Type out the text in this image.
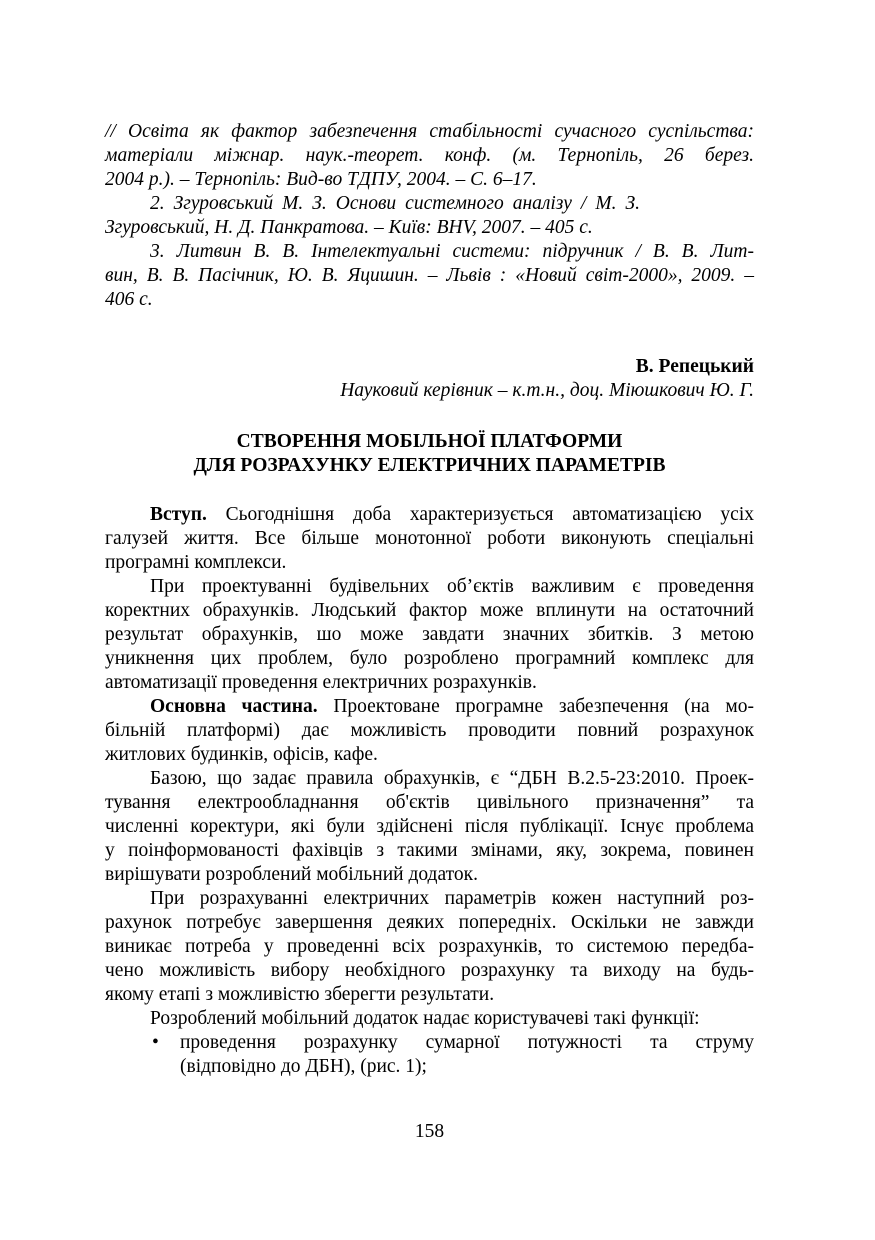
// Освіта як фактор забезпечення стабільності сучасного суспільства:
матеріали міжнар. наук.-теорет. конф. (м. Тернопіль, 26 берез.
2004 р.). – Тернопіль: Вид-во ТДПУ, 2004. – С. 6–17.
2. Згуровський М. З. Основи системного аналізу / М. З.
Згуровський, Н. Д. Панкратова. – Київ: BHV, 2007. – 405 с.
3. Литвин В. В. Інтелектуальні системи: підручник / В. В. Лит-
вин, В. В. Пасічник, Ю. В. Яцишин. – Львів : «Новий світ-2000», 2009. –
406 с.
В. Репецький
Науковий керівник – к.т.н., доц. Міюшкович Ю. Г.
СТВОРЕННЯ МОБІЛЬНОЇ ПЛАТФОРМИ
ДЛЯ РОЗРАХУНКУ ЕЛЕКТРИЧНИХ ПАРАМЕТРІВ
Вступ. Сьогоднішня доба характеризується автоматизацією усіх
галузей життя. Все більше монотонної роботи виконують спеціальні
програмні комплекси.
При проектуванні будівельних об’єктів важливим є проведення
коректних обрахунків. Людський фактор може вплинути на остаточний
результат обрахунків, шо може завдати значних збитків. З метою
уникнення цих проблем, було розроблено програмний комплекс для
автоматизації проведення електричних розрахунків.
Основна частина. Проектоване програмне забезпечення (на мо-
більній платформі) дає можливість проводити повний розрахунок
житлових будинків, офісів, кафе.
Базою, що задає правила обрахунків, є “ДБН В.2.5-23:2010. Проек-
тування електрообладнання об'єктів цивільного призначення” та
численні коректури, які були здійснені після публікації. Існує проблема
у поінформованості фахівців з такими змінами, яку, зокрема, повинен
вирішувати розроблений мобільний додаток.
При розрахуванні електричних параметрів кожен наступний роз-
рахунок потребує завершення деяких попередніх. Оскільки не завжди
виникає потреба у проведенні всіх розрахунків, то системою передба-
чено можливість вибору необхідного розрахунку та виходу на будь-
якому етапі з можливістю зберегти результати.
Розроблений мобільний додаток надає користувачеві такі функції:
• проведення розрахунку сумарної потужності та струму
(відповідно до ДБН), (рис. 1);
158
